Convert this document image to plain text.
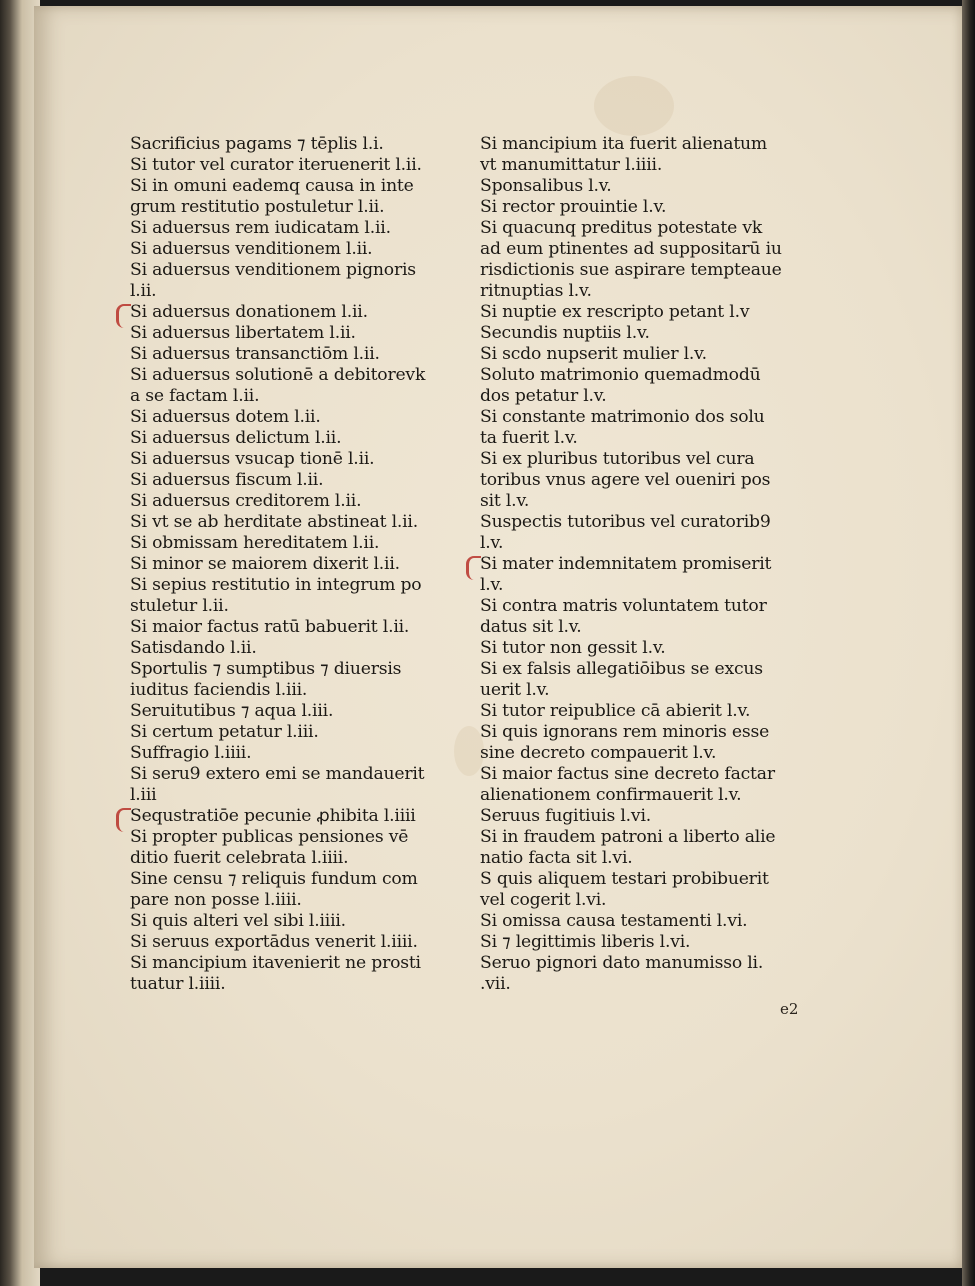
Sacrificius pagams ⁊ tēplis l.i.
Si tutor vel curator iteruenerit l.ii.
Si in omuni eademq causa in inte
grum restitutio postuletur l.ii.
Si aduersus rem iudicatam l.ii.
Si aduersus venditionem l.ii.
Si aduersus venditionem pignoris
l.ii.
Si aduersus donationem l.ii.
Si aduersus libertatem l.ii.
Si aduersus transanctiōm l.ii.
Si aduersus solutionē a debitorevk
a se factam l.ii.
Si aduersus dotem l.ii.
Si aduersus delictum l.ii.
Si aduersus vsucap tionē l.ii.
Si aduersus fiscum l.ii.
Si aduersus creditorem l.ii.
Si vt se ab herditate abstineat l.ii.
Si obmissam hereditatem l.ii.
Si minor se maiorem dixerit l.ii.
Si sepius restitutio in integrum po
stuletur l.ii.
Si maior factus ratū babuerit l.ii.
Satisdando l.ii.
Sportulis ⁊ sumptibus ⁊ diuersis
iuditus faciendis l.iii.
Seruitutibus ⁊ aqua l.iii.
Si certum petatur l.iii.
Suffragio l.iiii.
Si seru9 extero emi se mandauerit
l.iii
Sequstratiōe pecunie ꝓhibita l.iiii
Si propter publicas pensiones vē
ditio fuerit celebrata l.iiii.
Sine censu ⁊ reliquis fundum com
pare non posse l.iiii.
Si quis alteri vel sibi l.iiii.
Si seruus exportādus venerit l.iiii.
Si mancipium itavenierit ne prosti
tuatur l.iiii.
Si mancipium ita fuerit alienatum
vt manumittatur l.iiii.
Sponsalibus l.v.
Si rector prouintie l.v.
Si quacunq preditus potestate vk
ad eum ptinentes ad suppositarū iu
risdictionis sue aspirare tempteaue
ritnuptias l.v.
Si nuptie ex rescripto petant l.v
Secundis nuptiis l.v.
Si scdo nupserit mulier l.v.
Soluto matrimonio quemadmodū
dos petatur l.v.
Si constante matrimonio dos solu
ta fuerit l.v.
Si ex pluribus tutoribus vel cura
toribus vnus agere vel oueniri pos
sit l.v.
Suspectis tutoribus vel curatorib9
l.v.
Si mater indemnitatem promiserit
l.v.
Si contra matris voluntatem tutor
datus sit l.v.
Si tutor non gessit l.v.
Si ex falsis allegatiōibus se excus
uerit l.v.
Si tutor reipublice cā abierit l.v.
Si quis ignorans rem minoris esse
sine decreto compauerit l.v.
Si maior factus sine decreto factar
alienationem confirmauerit l.v.
Seruus fugitiuis l.vi.
Si in fraudem patroni a liberto alie
natio facta sit l.vi.
S quis aliquem testari probibuerit
vel cogerit l.vi.
Si omissa causa testamenti l.vi.
Si ⁊ legittimis liberis l.vi.
Seruo pignori dato manumisso li.
.vii.
e2
